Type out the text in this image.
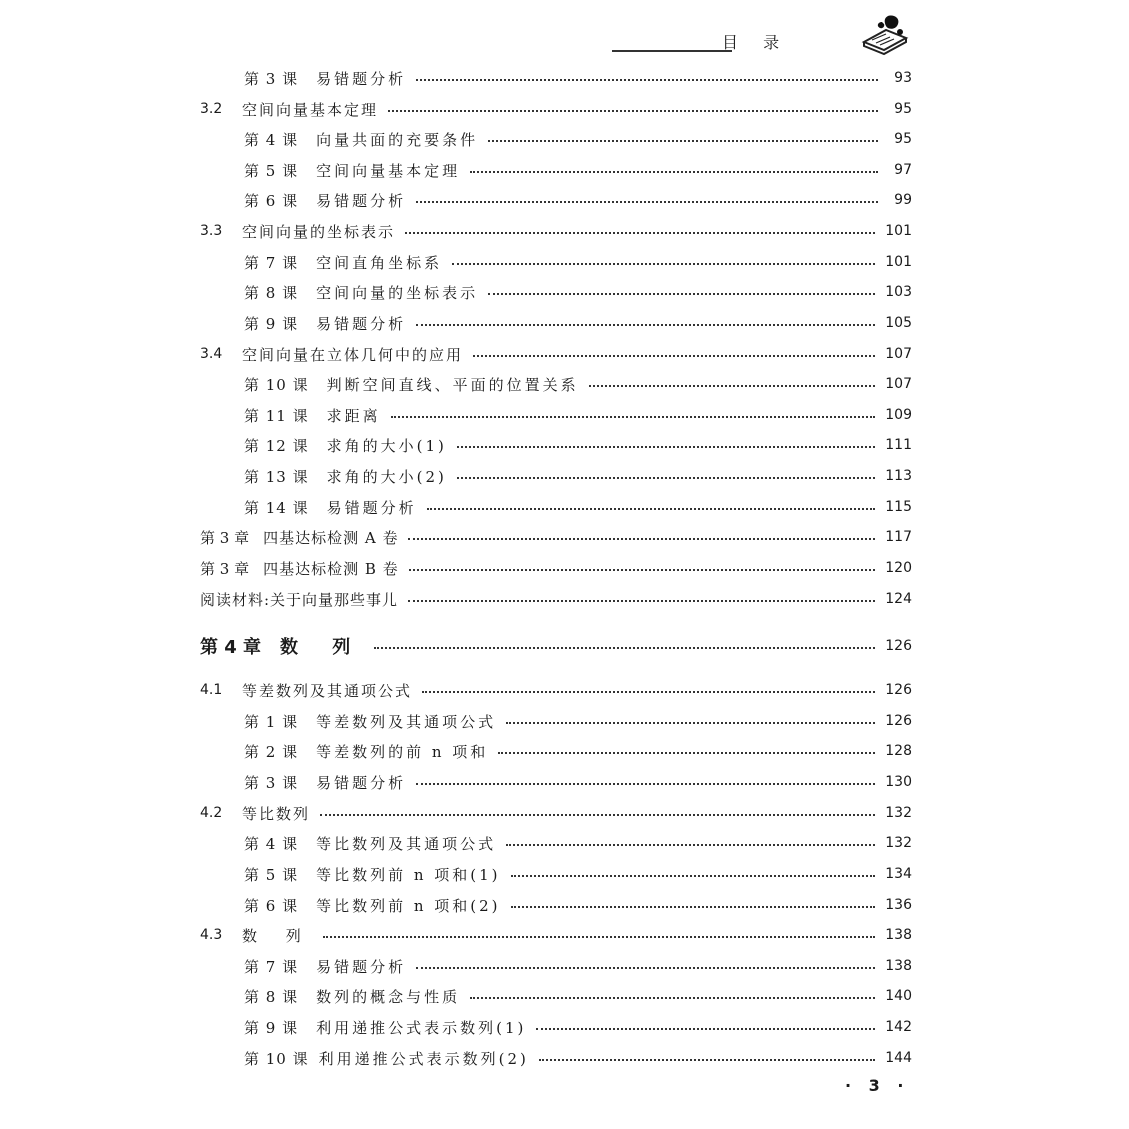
目 录
第 3 课 易错题分析	93
3.2	空间向量基本定理	95
第 4 课 向量共面的充要条件	95
第 5 课 空间向量基本定理	97
第 6 课 易错题分析	99
3.3	空间向量的坐标表示	101
第 7 课 空间直角坐标系	101
第 8 课 空间向量的坐标表示	103
第 9 课 易错题分析	105
3.4	空间向量在立体几何中的应用	107
第 10 课 判断空间直线、平面的位置关系	107
第 11 课 求距离	109
第 12 课 求角的大小(1)	111
第 13 课 求角的大小(2)	113
第 14 课 易错题分析	115
第 3 章 四基达标检测 A 卷	117
第 3 章 四基达标检测 B 卷	120
阅读材料:关于向量那些事儿	124
第 4 章	数 列	126
4.1	等差数列及其通项公式	126
第 1 课 等差数列及其通项公式	126
第 2 课 等差数列的前 n 项和	128
第 3 课 易错题分析	130
4.2	等比数列	132
第 4 课 等比数列及其通项公式	132
第 5 课 等比数列前 n 项和(1)	134
第 6 课 等比数列前 n 项和(2)	136
4.3	数 列	138
第 7 课 易错题分析	138
第 8 课 数列的概念与性质	140
第 9 课 利用递推公式表示数列(1)	142
第 10 课 利用递推公式表示数列(2)	144
· 3 ·
